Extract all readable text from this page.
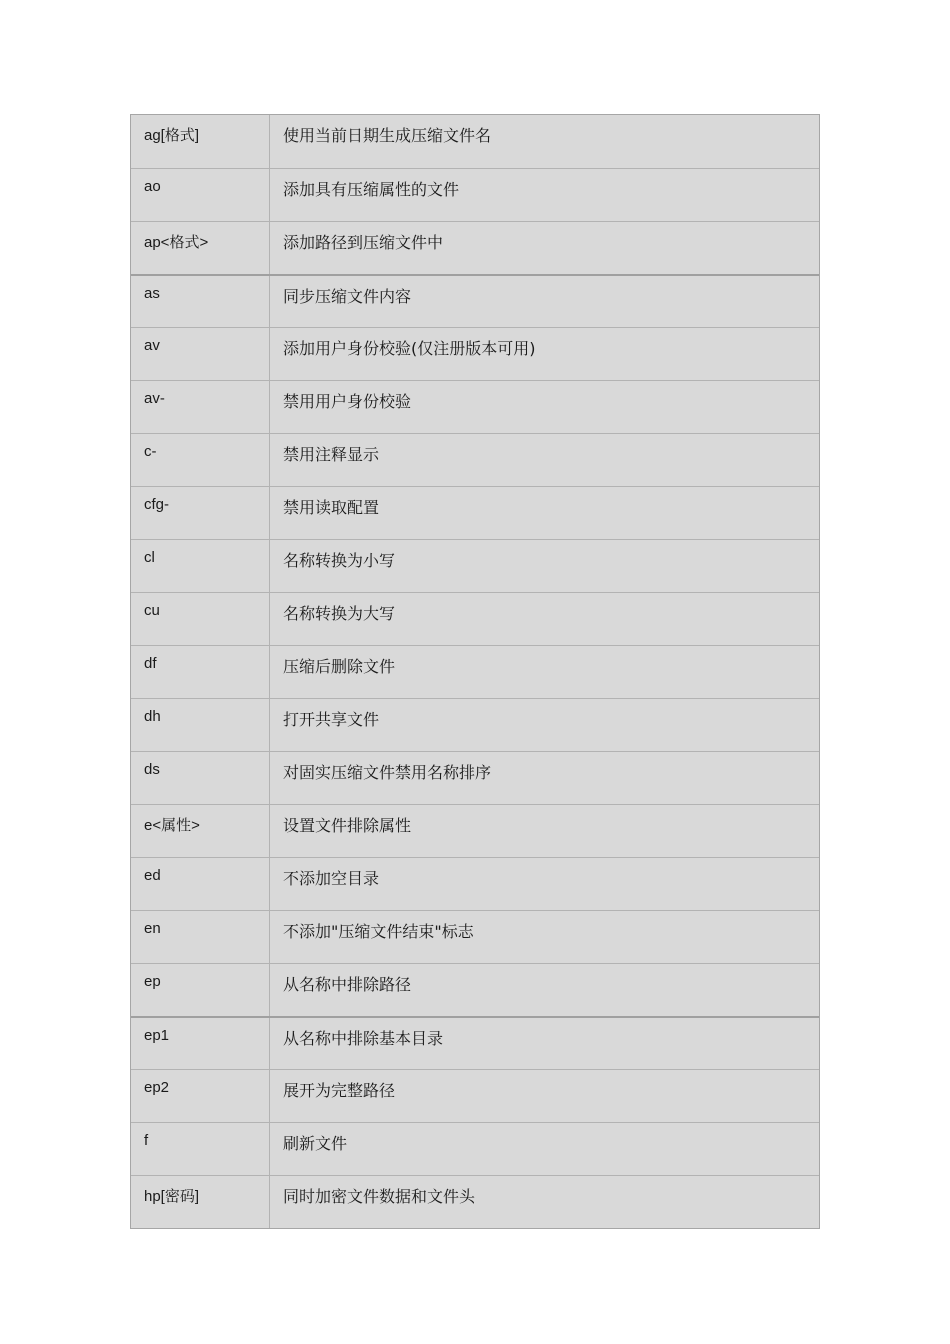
ag[格式]	使用当前日期生成压缩文件名
ao	添加具有压缩属性的文件
ap<格式>	添加路径到压缩文件中
as	同步压缩文件内容
av	添加用户身份校验(仅注册版本可用)
av-	禁用用户身份校验
c-	禁用注释显示
cfg-	禁用读取配置
cl	名称转换为小写
cu	名称转换为大写
df	压缩后删除文件
dh	打开共享文件
ds	对固实压缩文件禁用名称排序
e<属性>	设置文件排除属性
ed	不添加空目录
en	不添加"压缩文件结束"标志
ep	从名称中排除路径
ep1	从名称中排除基本目录
ep2	展开为完整路径
f	刷新文件
hp[密码]	同时加密文件数据和文件头
